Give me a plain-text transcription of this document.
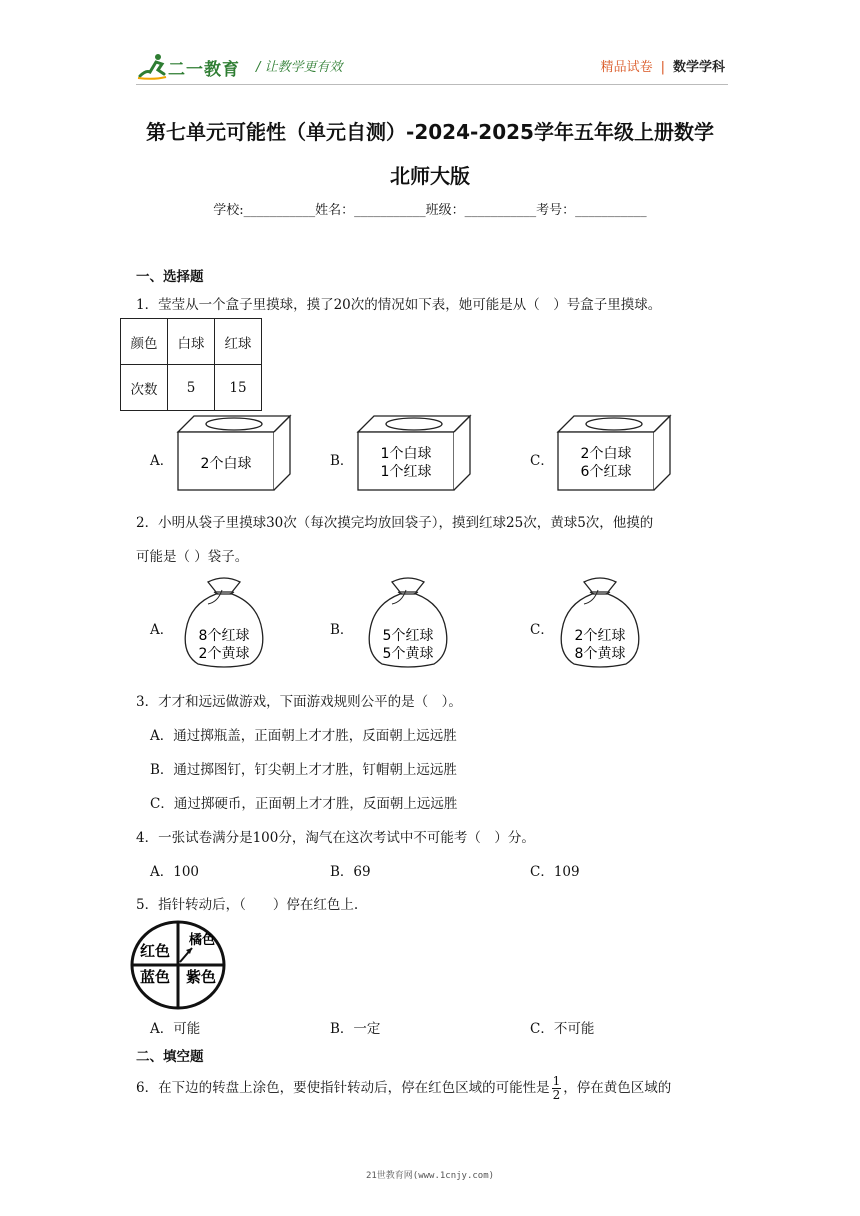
二一教育 / 让教学更有效	精品试卷 | 数学学科
第七单元可能性（单元自测）-2024-2025学年五年级上册数学
北师大版
学校:___________姓名：___________班级：___________考号：___________
一、选择题
1．莹莹从一个盒子里摸球，摸了20次的情况如下表，她可能是从（　）号盒子里摸球。
颜色	白球	红球
次数	5	15
A． 2个白球	B． 1个白球
1个红球
C． 2个白球
6个红球
2．小明从袋子里摸球30次（每次摸完均放回袋子），摸到红球25次，黄球5次，他摸的
可能是（ ）袋子。
A． 8个红球
2个黄球
B． 5个红球
5个黄球
C． 2个红球
8个黄球
3．才才和远远做游戏，下面游戏规则公平的是（　）。
A．通过掷瓶盖，正面朝上才才胜，反面朝上远远胜
B．通过掷图钉，钉尖朝上才才胜，钉帽朝上远远胜
C．通过掷硬币，正面朝上才才胜，反面朝上远远胜
4．一张试卷满分是100分，淘气在这次考试中不可能考（　）分。
A．100	B．69	C．109
5．指针转动后，（　　）停在红色上.
红色
橘色
蓝色 紫色
A．可能	B．一定	C．不可能
二、填空题
6．在下边的转盘上涂色，要使指针转动后，停在红色区域的可能性是 $\frac{1}{2}$ ，停在黄色区域的
21世教育网(www.1cnjy.com)
